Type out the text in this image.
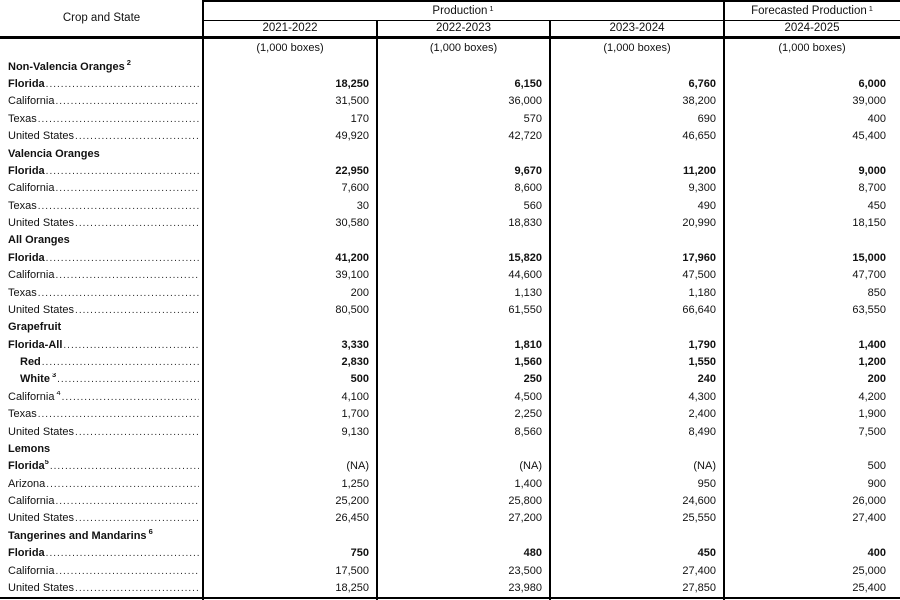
Crop and State
Production 1	Forecasted Production 1
2021-2022	2022-2023	2023-2024	2024-2025
(1,000 boxes)	(1,000 boxes)	(1,000 boxes)	(1,000 boxes)
Non-Valencia Oranges $^2$
Florida .....	18,250	6,150	6,760	6,000
California .....	31,500	36,000	38,200	39,000
Texas .....	170	570	690	400
United States .....	49,920	42,720	46,650	45,400
Valencia Oranges
Florida .....	22,950	9,670	11,200	9,000
California .....	7,600	8,600	9,300	8,700
Texas .....	30	560	490	450
United States .....	30,580	18,830	20,990	18,150
All Oranges
Florida .....	41,200	15,820	17,960	15,000
California .....	39,100	44,600	47,500	47,700
Texas .....	200	1,130	1,180	850
United States .....	80,500	61,550	66,640	63,550
Grapefruit
Florida-All .....	3,330	1,810	1,790	1,400
Red .....	2,830	1,560	1,550	1,200
White $^3$ .....	500	250	240	200
California $^4$ .....	4,100	4,500	4,300	4,200
Texas .....	1,700	2,250	2,400	1,900
United States .....	9,130	8,560	8,490	7,500
Lemons
Florida$^5$ .....	(NA)	(NA)	(NA)	500
Arizona .....	1,250	1,400	950	900
California .....	25,200	25,800	24,600	26,000
United States .....	26,450	27,200	25,550	27,400
Tangerines and Mandarins $^6$
Florida .....	750	480	450	400
California .....	17,500	23,500	27,400	25,000
United States .....	18,250	23,980	27,850	25,400
